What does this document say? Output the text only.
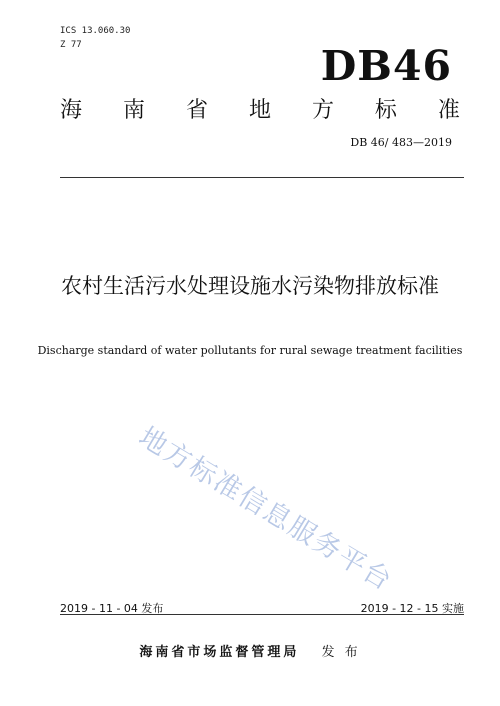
ICS 13.060.30
Z 77	DB46
海 南 省 地 方 标 准
DB 46/ 483—2019
农村生活污水处理设施水污染物排放标准
Discharge standard of water pollutants for rural sewage treatment facilities
地方标准信息服务平台
2019 - 11 - 04 发布	2019 - 12 - 15 实施
海南省市场监督管理局 发 布
